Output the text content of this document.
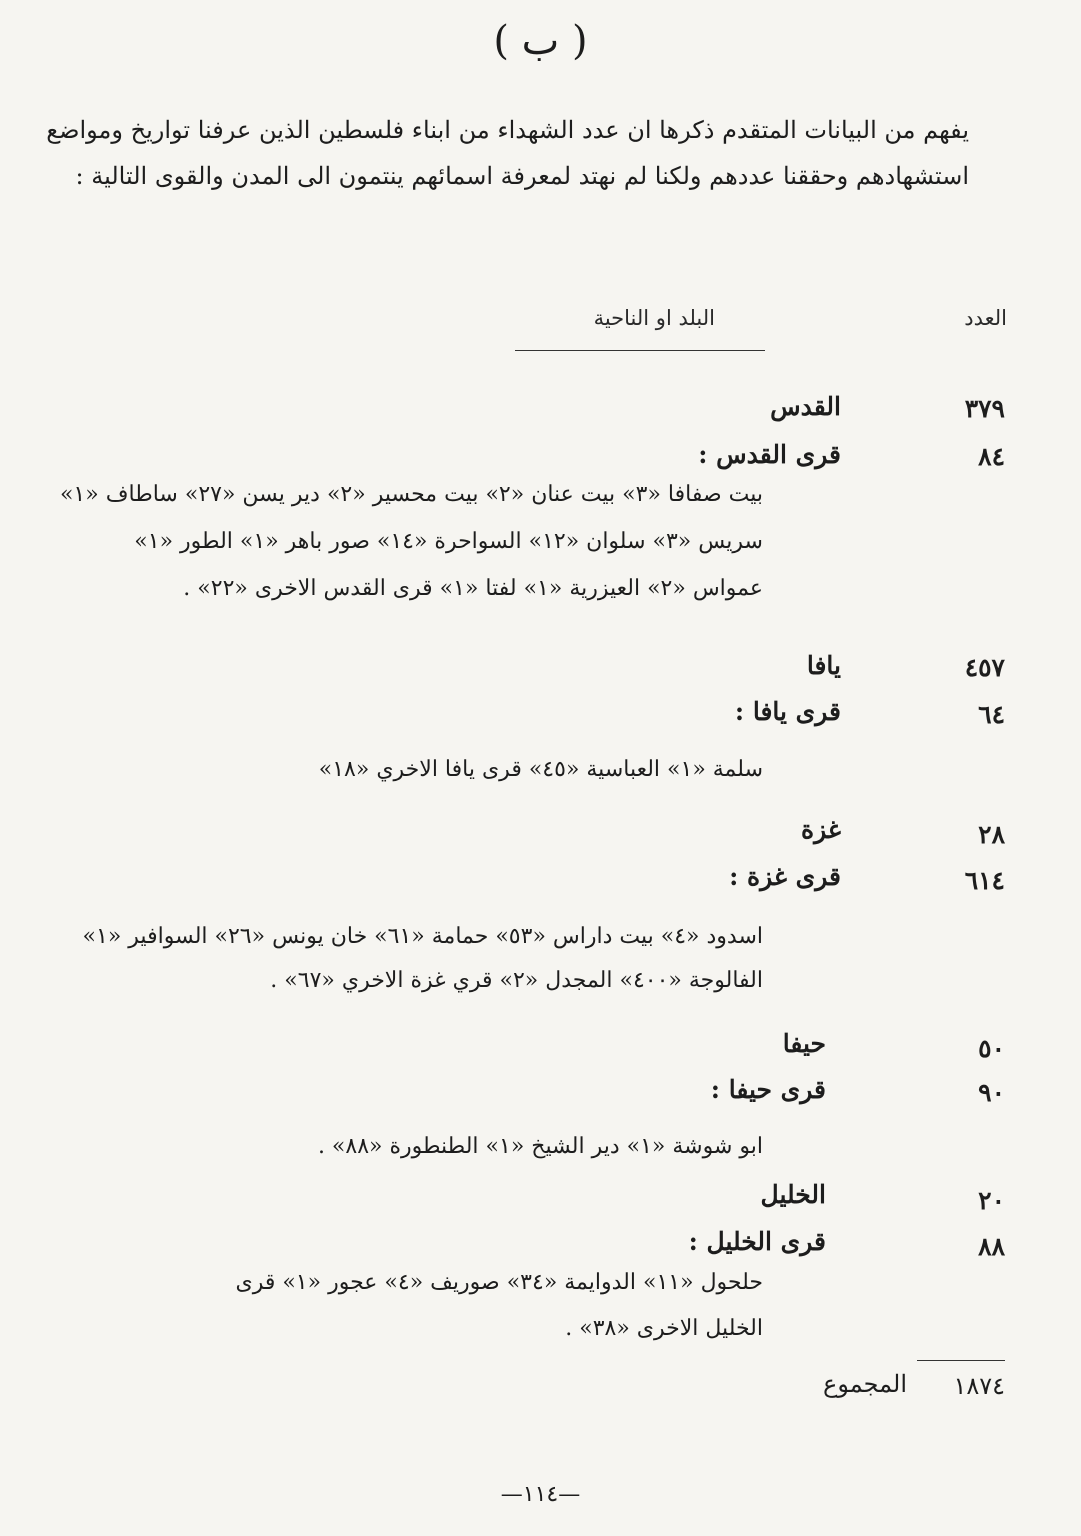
( ب )
يفهم من البيانات المتقدم ذكرها ان عدد الشهداء من ابناء فلسطين الذين عرفنا تواريخ ومواضع
استشهادهم وحققنا عددهم ولكنا لم نهتد لمعرفة اسمائهم ينتمون الى المدن والقوى التالية :
العدد
البلد او الناحية
٣٧٩
القدس
٨٤
قرى القدس :
بيت صفافا «٣» بيت عنان «٢» بيت محسير «٢» دير يسن «٢٧» ساطاف «١»
سريس «٣» سلوان «١٢» السواحرة «١٤» صور باهر «١» الطور «١»
عمواس «٢» العيزرية «١» لفتا «١» قرى القدس الاخرى «٢٢» .
٤٥٧
يافا
٦٤
قرى يافا :
سلمة «١» العباسية «٤٥» قرى يافا الاخري «١٨»
٢٨
غزة
٦١٤
قرى غزة :
اسدود «٤» بيت داراس «٥٣» حمامة «٦١» خان يونس «٢٦» السوافير «١»
الفالوجة «٤٠٠» المجدل «٢» قري غزة الاخري «٦٧» .
٥٠
حيفا
٩٠
قرى حيفا :
ابو شوشة «١» دير الشيخ «١» الطنطورة «٨٨» .
٢٠
الخليل
٨٨
قرى الخليل :
حلحول «١١» الدوايمة «٣٤» صوريف «٤» عجور «١» قرى
الخليل الاخرى «٣٨» .
١٨٧٤
المجموع
—١١٤—
